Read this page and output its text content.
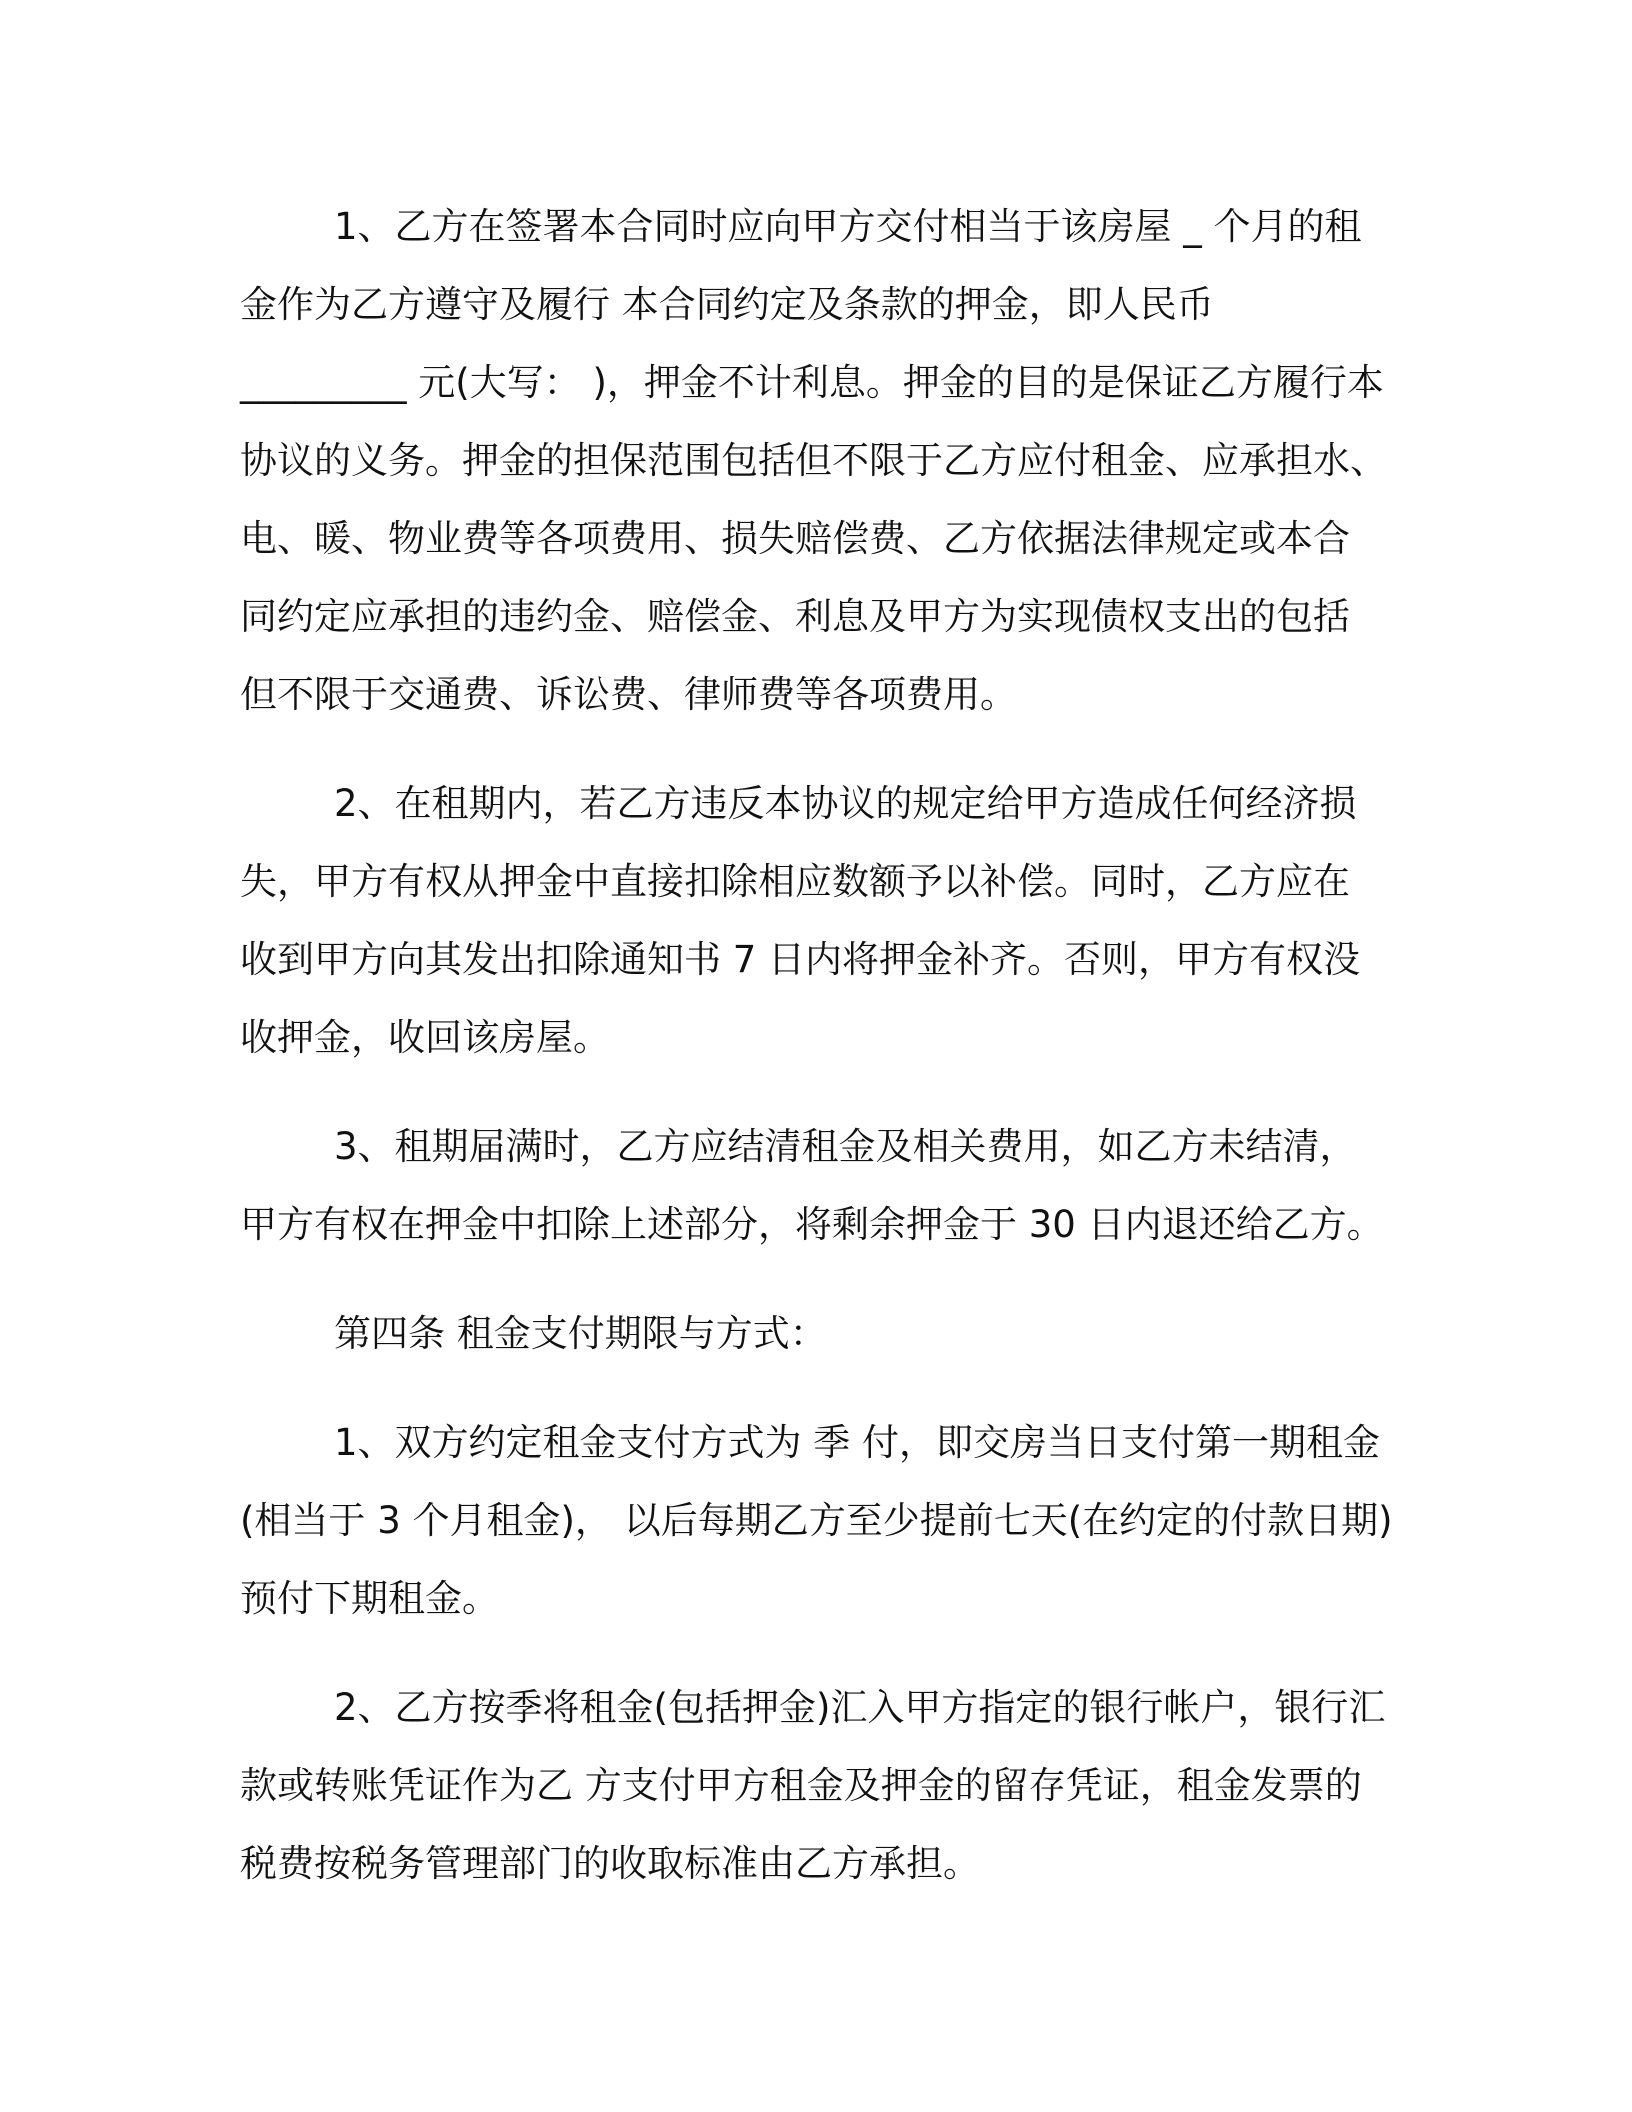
1、乙方在签署本合同时应向甲方交付相当于该房屋 _ 个月的租
金作为乙方遵守及履行 本合同约定及条款的押金，即人民币
_________ 元(大写： )，押金不计利息。押金的目的是保证乙方履行本
协议的义务。押金的担保范围包括但不限于乙方应付租金、应承担水、
电、暖、物业费等各项费用、损失赔偿费、乙方依据法律规定或本合
同约定应承担的违约金、赔偿金、利息及甲方为实现债权支出的包括
但不限于交通费、诉讼费、律师费等各项费用。

2、在租期内，若乙方违反本协议的规定给甲方造成任何经济损
失，甲方有权从押金中直接扣除相应数额予以补偿。同时，乙方应在
收到甲方向其发出扣除通知书 7 日内将押金补齐。否则，甲方有权没
收押金，收回该房屋。

3、租期届满时，乙方应结清租金及相关费用，如乙方未结清，
甲方有权在押金中扣除上述部分，将剩余押金于 30 日内退还给乙方。

第四条 租金支付期限与方式：

1、双方约定租金支付方式为 季 付，即交房当日支付第一期租金
(相当于 3 个月租金)， 以后每期乙方至少提前七天(在约定的付款日期)
预付下期租金。

2、乙方按季将租金(包括押金)汇入甲方指定的银行帐户，银行汇
款或转账凭证作为乙 方支付甲方租金及押金的留存凭证，租金发票的
税费按税务管理部门的收取标准由乙方承担。
